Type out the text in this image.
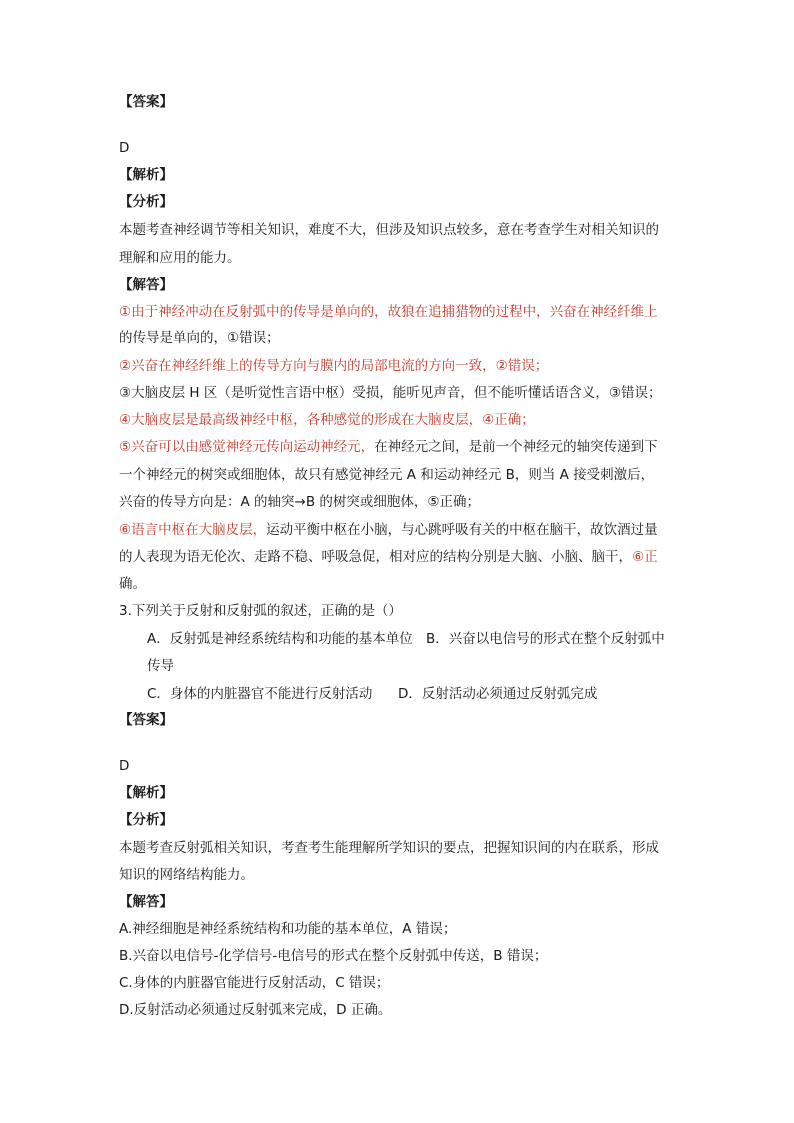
【答案】
D
【解析】
【分析】
本题考查神经调节等相关知识，难度不大，但涉及知识点较多，意在考查学生对相关知识的
理解和应用的能力。
【解答】
①由于神经冲动在反射弧中的传导是单向的，故狼在追捕猎物的过程中，兴奋在神经纤维上
的传导是单向的，①错误；
②兴奋在神经纤维上的传导方向与膜内的局部电流的方向一致，②错误；
③大脑皮层 H 区（是听觉性言语中枢）受损，能听见声音，但不能听懂话语含义，③错误；
④大脑皮层是最高级神经中枢，各种感觉的形成在大脑皮层，④正确；
⑤兴奋可以由感觉神经元传向运动神经元，在神经元之间，是前一个神经元的轴突传递到下
一个神经元的树突或细胞体，故只有感觉神经元 A 和运动神经元 B，则当 A 接受刺激后，
兴奋的传导方向是：A 的轴突→B 的树突或细胞体，⑤正确；
⑥语言中枢在大脑皮层，运动平衡中枢在小脑，与心跳呼吸有关的中枢在脑干，故饮酒过量
的人表现为语无伦次、走路不稳、呼吸急促，相对应的结构分别是大脑、小脑、脑干，⑥正
确。
3.下列关于反射和反射弧的叙述，正确的是（）
A．反射弧是神经系统结构和功能的基本单位 B．兴奋以电信号的形式在整个反射弧中
传导
C．身体的内脏器官不能进行反射活动 D．反射活动必须通过反射弧完成
【答案】
D
【解析】
【分析】
本题考查反射弧相关知识，考查考生能理解所学知识的要点，把握知识间的内在联系，形成
知识的网络结构能力。
【解答】
A.神经细胞是神经系统结构和功能的基本单位，A 错误；
B.兴奋以电信号-化学信号-电信号的形式在整个反射弧中传送，B 错误；
C.身体的内脏器官能进行反射活动，C 错误；
D.反射活动必须通过反射弧来完成，D 正确。
